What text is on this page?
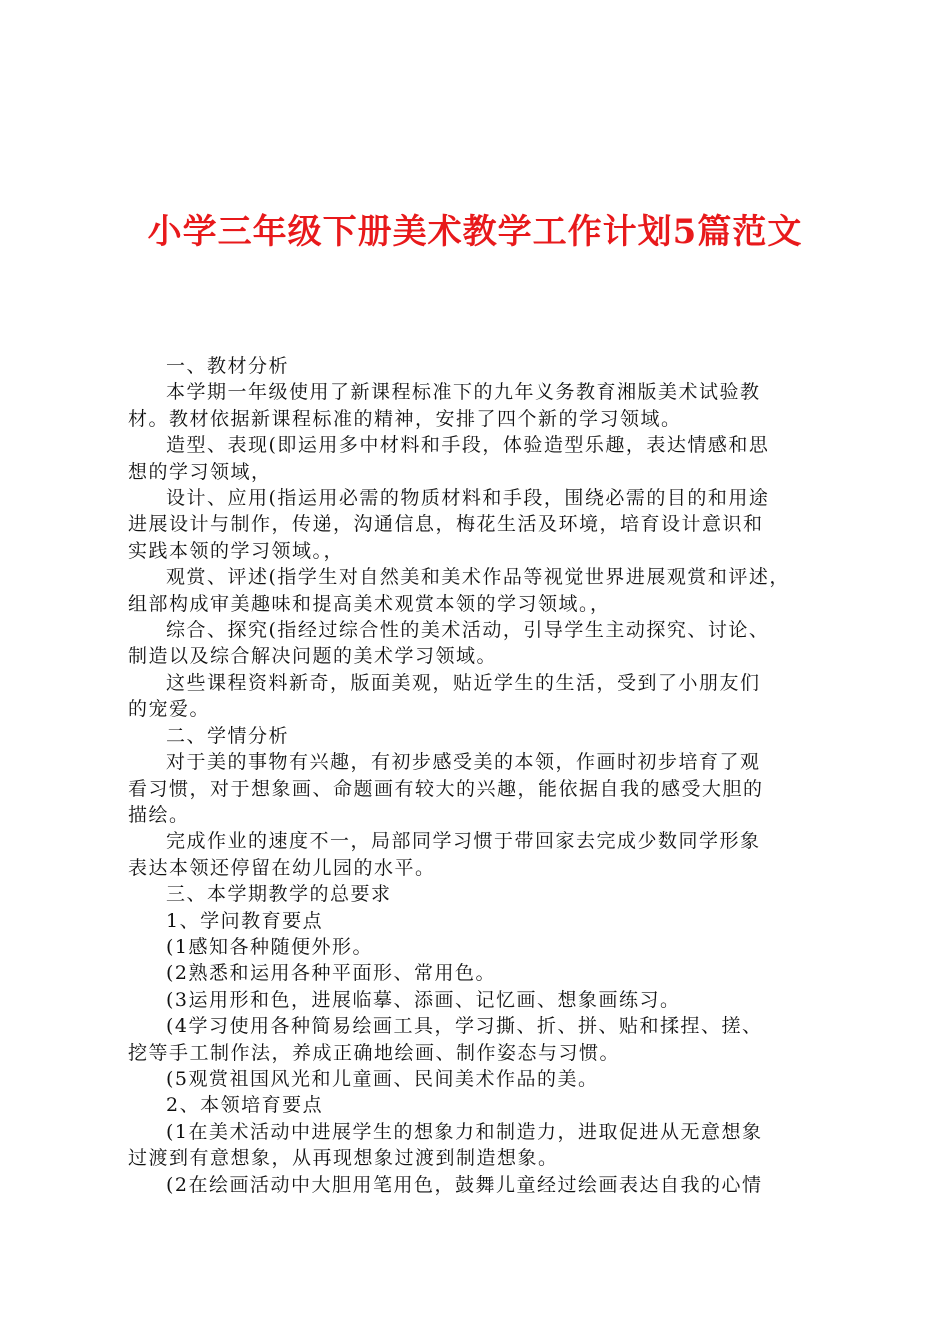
小学三年级下册美术教学工作计划5篇范文

一、教材分析

本学期一年级使用了新课程标准下的九年义务教育湘版美术试验教
材。教材依据新课程标准的精神，安排了四个新的学习领域。

造型、表现(即运用多中材料和手段，体验造型乐趣，表达情感和思
想的学习领域，

设计、应用(指运用必需的物质材料和手段，围绕必需的目的和用途
进展设计与制作，传递，沟通信息，梅花生活及环境，培育设计意识和
实践本领的学习领域。，

观赏、评述(指学生对自然美和美术作品等视觉世界进展观赏和评述，
组部构成审美趣味和提高美术观赏本领的学习领域。，

综合、探究(指经过综合性的美术活动，引导学生主动探究、讨论、
制造以及综合解决问题的美术学习领域。

这些课程资料新奇，版面美观，贴近学生的生活，受到了小朋友们
的宠爱。

二、学情分析

对于美的事物有兴趣，有初步感受美的本领，作画时初步培育了观
看习惯，对于想象画、命题画有较大的兴趣，能依据自我的感受大胆的
描绘。

完成作业的速度不一，局部同学习惯于带回家去完成少数同学形象
表达本领还停留在幼儿园的水平。

三、本学期教学的总要求

1、学问教育要点

(1感知各种随便外形。

(2熟悉和运用各种平面形、常用色。

(3运用形和色，进展临摹、添画、记忆画、想象画练习。

(4学习使用各种简易绘画工具，学习撕、折、拼、贴和揉捏、搓、
挖等手工制作法，养成正确地绘画、制作姿态与习惯。

(5观赏祖国风光和儿童画、民间美术作品的美。

2、本领培育要点

(1在美术活动中进展学生的想象力和制造力，进取促进从无意想象
过渡到有意想象，从再现想象过渡到制造想象。

(2在绘画活动中大胆用笔用色，鼓舞儿童经过绘画表达自我的心情
